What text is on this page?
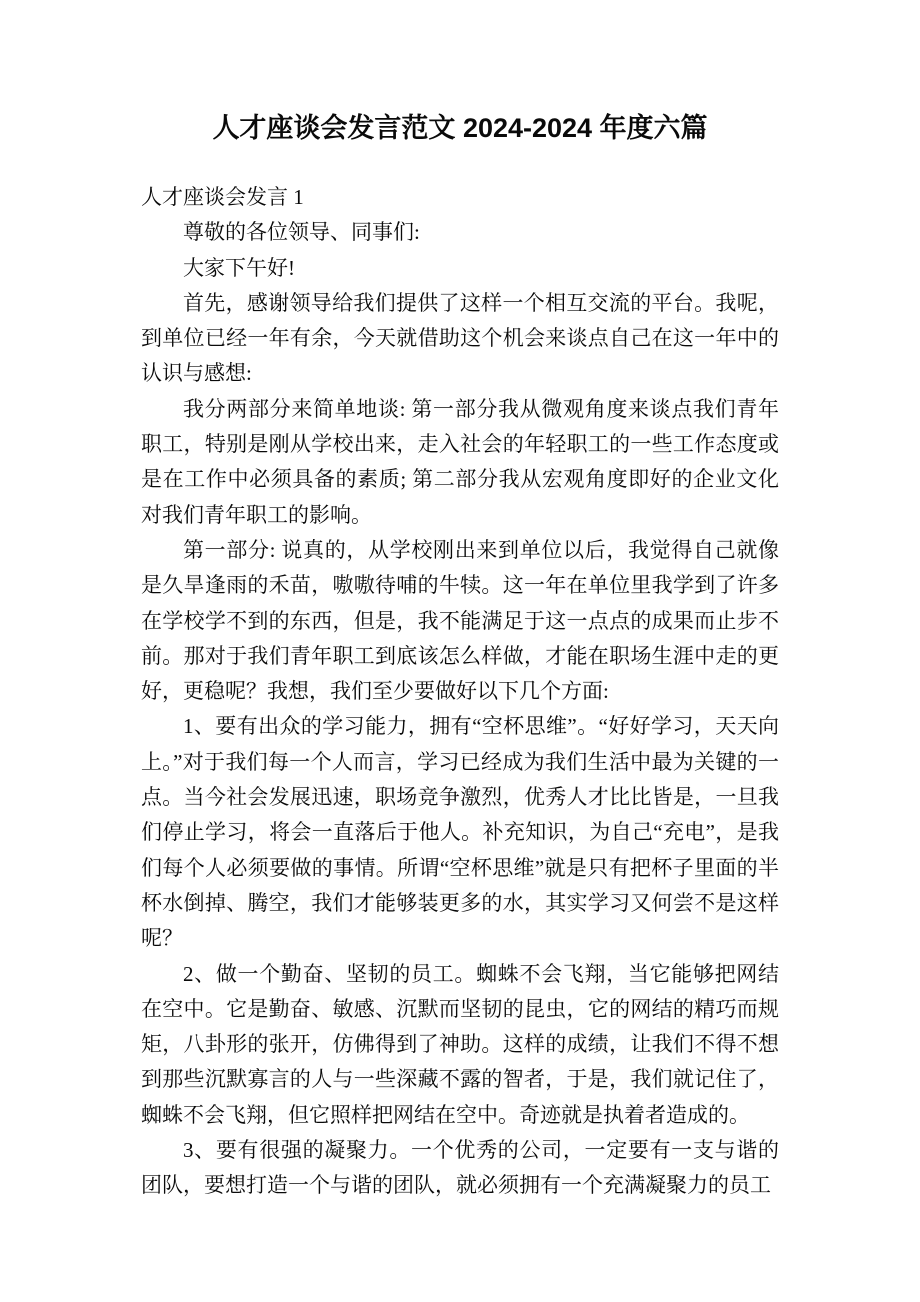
人才座谈会发言范文 2024-2024 年度六篇

人才座谈会发言 1

尊敬的各位领导、同事们:

大家下午好!

首先，感谢领导给我们提供了这样一个相互交流的平台。我呢，到单位已经一年有余，今天就借助这个机会来谈点自己在这一年中的认识与感想:

我分两部分来简单地谈: 第一部分我从微观角度来谈点我们青年职工，特别是刚从学校出来，走入社会的年轻职工的一些工作态度或是在工作中必须具备的素质; 第二部分我从宏观角度即好的企业文化对我们青年职工的影响。

第一部分: 说真的，从学校刚出来到单位以后，我觉得自己就像是久旱逢雨的禾苗，嗷嗷待哺的牛犊。这一年在单位里我学到了许多在学校学不到的东西，但是，我不能满足于这一点点的成果而止步不前。那对于我们青年职工到底该怎么样做，才能在职场生涯中走的更好，更稳呢？我想，我们至少要做好以下几个方面:

1、要有出众的学习能力，拥有“空杯思维”。“好好学习，天天向上。”对于我们每一个人而言，学习已经成为我们生活中最为关键的一点。当今社会发展迅速，职场竞争激烈，优秀人才比比皆是，一旦我们停止学习，将会一直落后于他人。补充知识，为自己“充电”，是我们每个人必须要做的事情。所谓“空杯思维”就是只有把杯子里面的半杯水倒掉、腾空，我们才能够装更多的水，其实学习又何尝不是这样呢？

2、做一个勤奋、坚韧的员工。蜘蛛不会飞翔，当它能够把网结在空中。它是勤奋、敏感、沉默而坚韧的昆虫，它的网结的精巧而规矩，八卦形的张开，仿佛得到了神助。这样的成绩，让我们不得不想到那些沉默寡言的人与一些深藏不露的智者，于是，我们就记住了，蜘蛛不会飞翔，但它照样把网结在空中。奇迹就是执着者造成的。

3、要有很强的凝聚力。一个优秀的公司，一定要有一支与谐的团队，要想打造一个与谐的团队，就必须拥有一个充满凝聚力的员工
